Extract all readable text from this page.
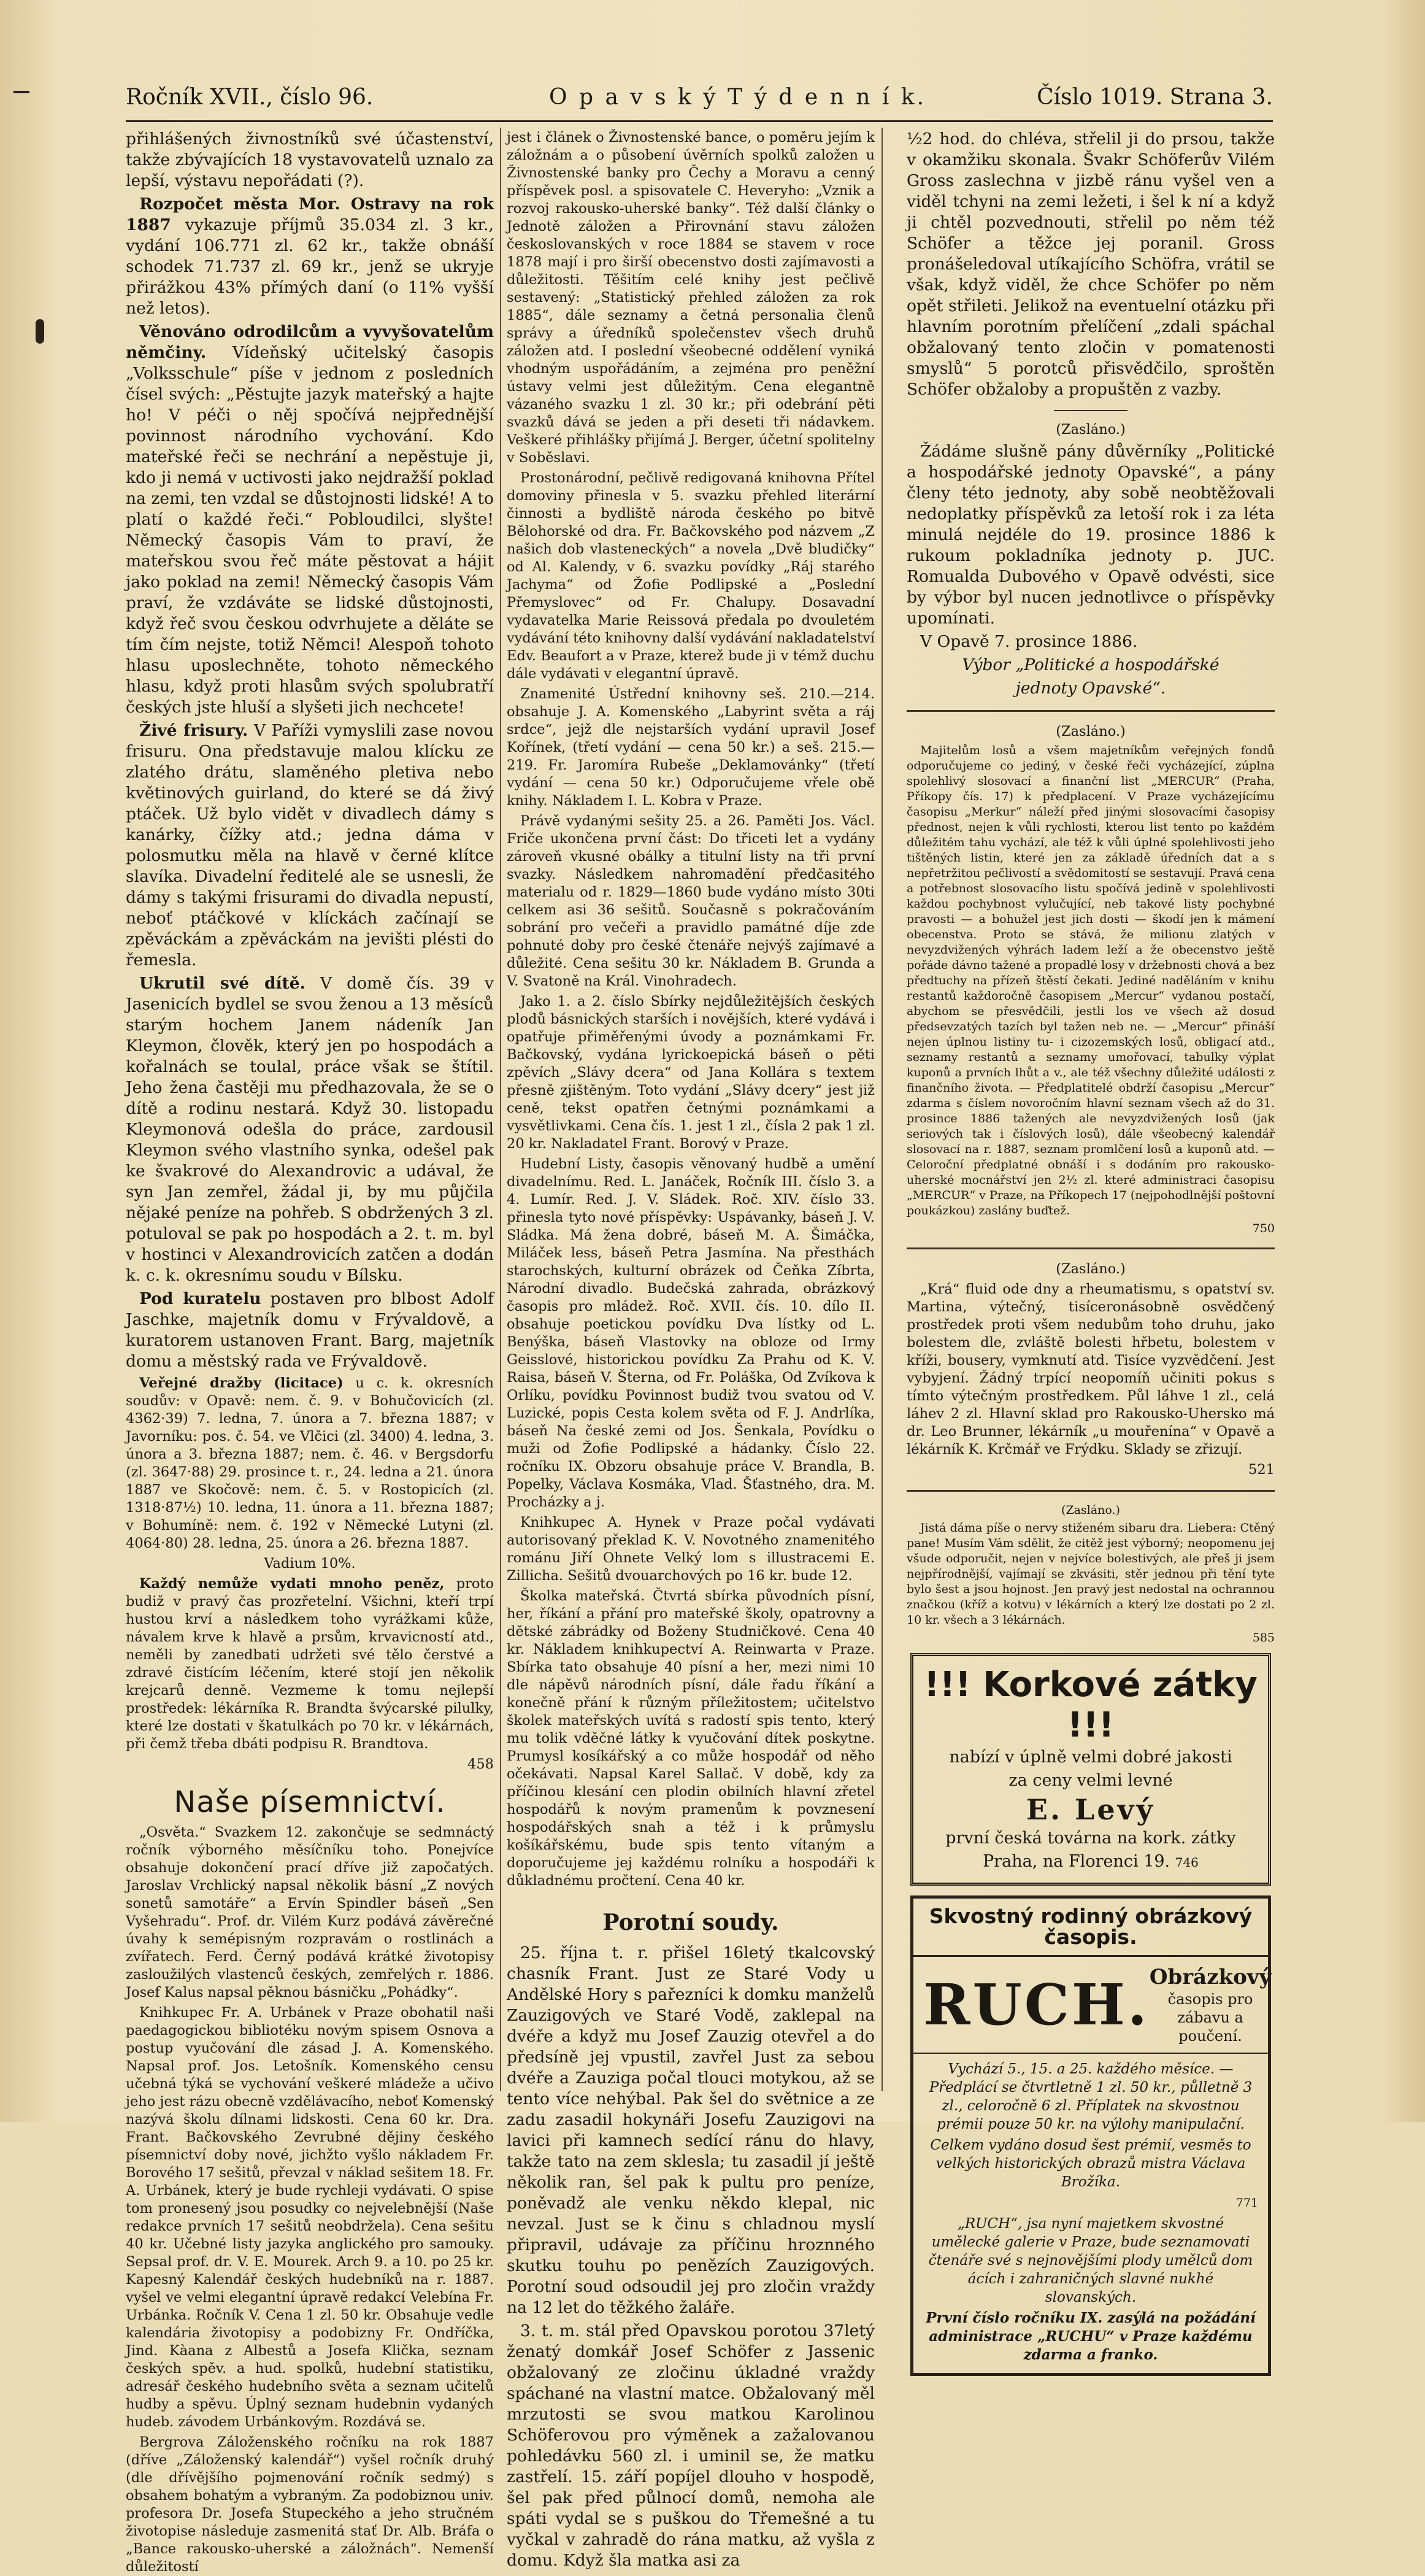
Ročník XVII., číslo 96.	O p a v s k ý T ý d e n n í k.	Číslo 1019. Strana 3.

přihlášených živnostníků své účastenství, takže zbývajících 18 vystavovatelů uznalo za lepší, výstavu nepořádati (?).

Rozpočet města Mor. Ostravy na rok 1887 vykazuje příjmů 35.034 zl. 3 kr., vydání 106.771 zl. 62 kr., takže obnáší schodek 71.737 zl. 69 kr., jenž se ukryje přirážkou 43% přímých daní (o 11% vyšší než letos).

Věnováno odrodilcům a vyvyšovatelům němčiny. Vídeňský učitelský časopis „Volksschule“ píše v jednom z posledních čísel svých: „Pěstujte jazyk mateřský a hajte ho! V péči o něj spočívá nejpřednější povinnost národního vychování. Kdo mateřské řeči se nechrání a nepěstuje ji, kdo ji nemá v uctivosti jako nejdražší poklad na zemi, ten vzdal se důstojnosti lidské! A to platí o každé řeči.“ Pobloudilci, slyšte! Německý časopis Vám to praví, že mateřskou svou řeč máte pěstovat a hájit jako poklad na zemi! Německý časopis Vám praví, že vzdáváte se lidské důstojnosti, když řeč svou českou odvrhujete a děláte se tím čím nejste, totiž Němci! Alespoň tohoto hlasu uposlechněte, tohoto německého hlasu, když proti hlasům svých spolubratří českých jste hluší a slyšeti jich nechcete!

Živé frisury. V Paříži vymyslili zase novou frisuru. Ona představuje malou klícku ze zlatého drátu, slaměného pletiva nebo květinových guirland, do které se dá živý ptáček. Už bylo vidět v divadlech dámy s kanárky, čížky atd.; jedna dáma v polosmutku měla na hlavě v černé klítce slavíka. Divadelní ředitelé ale se usnesli, že dámy s takými frisurami do divadla nepustí, neboť ptáčkové v klíckách začínají se zpěváckám a zpěváckám na jevišti plésti do řemesla.

Ukrutil své dítě. V domě čís. 39 v Jasenicích bydlel se svou ženou a 13 měsíců starým hochem Janem nádeník Jan Kleymon, člověk, který jen po hospodách a kořalnách se toulal, práce však se štítil. Jeho žena častěji mu předhazovala, že se o dítě a rodinu nestará. Když 30. listopadu Kleymonová odešla do práce, zardousil Kleymon svého vlastního synka, odešel pak ke švakrové do Alexandrovic a udával, že syn Jan zemřel, žádal ji, by mu půjčila nějaké peníze na pohřeb. S obdržených 3 zl. potuloval se pak po hospodách a 2. t. m. byl v hostinci v Alexandrovicích zatčen a dodán k. c. k. okresnímu soudu v Bílsku.

Pod kuratelu postaven pro blbost Adolf Jaschke, majetník domu v Frývaldově, a kuratorem ustanoven Frant. Barg, majetník domu a městský rada ve Frývaldově.

Veřejné dražby (licitace) u c. k. okresních soudův: v Opavě: nem. č. 9. v Bohučovicích (zl. 4362·39) 7. ledna, 7. února a 7. března 1887; v Javorníku: pos. č. 54. ve Vlčici (zl. 3400) 4. ledna, 3. února a 3. března 1887; nem. č. 46. v Bergsdorfu (zl. 3647·88) 29. prosince t. r., 24. ledna a 21. února 1887 ve Skočově: nem. č. 5. v Rostopicích (zl. 1318·87½) 10. ledna, 11. února a 11. března 1887; v Bohumíně: nem. č. 192 v Německé Lutyni (zl. 4064·80) 28. ledna, 25. února a 26. března 1887.

Vadium 10%.

Každý nemůže vydati mnoho peněz, proto budiž v pravý čas prozřetelní. Všichni, kteří trpí hustou krví a následkem toho vyrážkami kůže, návalem krve k hlavě a prsům, krvavicností atd., neměli by zanedbati udržeti své tělo čerstvé a zdravé čistícím léčením, které stojí jen několik krejcarů denně. Vezmeme k tomu nejlepší prostředek: lékárníka R. Brandta švýcarské pilulky, které lze dostati v škatulkách po 70 kr. v lékárnách, při čemž třeba dbáti podpisu R. Brandtova.

458

Naše písemnictví.

„Osvěta.“ Svazkem 12. zakončuje se sedmnáctý ročník výborného měsíčníku toho. Ponejvíce obsahuje dokončení prací dříve již započatých. Jaroslav Vrchlický napsal několik básní „Z nových sonetů samotáře“ a Ervín Spindler báseň „Sen Vyšehradu“. Prof. dr. Vilém Kurz podává závěrečné úvahy k semépisným rozpravám o rostlinách a zvířatech. Ferd. Černý podává krátké životopisy zasloužilých vlastenců českých, zemřelých r. 1886. Josef Kalus napsal pěknou básničku „Pohádky“.

Knihkupec Fr. A. Urbánek v Praze obohatil naši paedagogickou bibliotéku novým spisem Osnova a postup vyučování dle zásad J. A. Komenského. Napsal prof. Jos. Letošník. Komenského censu učebná týká se vychování veškeré mládeže a učivo jeho jest rázu obecně vzdělávacího, neboť Komenský nazývá školu dílnami lidskosti. Cena 60 kr. Dra. Frant. Bačkovského Zevrubné dějiny českého písemnictví doby nové, jichžto vyšlo nákladem Fr. Borového 17 sešitů, převzal v náklad sešitem 18. Fr. A. Urbánek, který je bude rychleji vydávati. O spise tom pronesený jsou posudky co nejvelebnější (Naše redakce prvních 17 sešitů neobdržela). Cena sešitu 40 kr. Učebné listy jazyka anglického pro samouky. Sepsal prof. dr. V. E. Mourek. Arch 9. a 10. po 25 kr. Kapesný Kalendář českých hudebníků na r. 1887. vyšel ve velmi elegantní úpravě redakcí Velebína Fr. Urbánka. Ročník V. Cena 1 zl. 50 kr. Obsahuje vedle kalendária životopisy a podobizny Fr. Ondříčka, Jind. Kàana z Albestů a Josefa Klička, seznam českých spěv. a hud. spolků, hudební statistiku, adresář českého hudebního světa a seznam učitelů hudby a spěvu. Úplný seznam hudebnin vydaných hudeb. závodem Urbánkovým. Rozdává se.

Bergrova Záloženského ročníku na rok 1887 (dříve „Záloženský kalendář“) vyšel ročník druhý (dle dřívějšího pojmenování ročník sedmý) s obsahem bohatým a vybraným. Za podobiznou univ. profesora Dr. Josefa Stupeckého a jeho stručném životopise následuje zasmenitá stať Dr. Alb. Bráfa o „Bance rakousko-uherské a záložnách“. Nemenší důležitostí

jest i článek o Živnostenské bance, o poměru jejím k záložnám a o působení úvěrních spolků založen u Živnostenské banky pro Čechy a Moravu a cenný příspěvek posl. a spisovatele C. Heveryho: „Vznik a rozvoj rakousko-uherské banky“. Též další články o Jednotě záložen a Přirovnání stavu záložen českoslovanských v roce 1884 se stavem v roce 1878 mají i pro širší obecenstvo dosti zajímavosti a důležitosti. Těšitím celé knihy jest pečlivě sestavený: „Statistický přehled záložen za rok 1885“, dále seznamy a četná personalia členů správy a úředníků společenstev všech druhů záložen atd. I poslední všeobecné oddělení vyniká vhodným uspořádáním, a zejména pro peněžní ústavy velmi jest důležitým. Cena elegantně vázaného svazku 1 zl. 30 kr.; při odebrání pěti svazků dává se jeden a při deseti tři nádavkem. Veškeré přihlášky přijímá J. Berger, účetní spolitelny v Soběslavi.

Prostonárodní, pečlivě redigovaná knihovna Přítel domoviny přinesla v 5. svazku přehled literární činnosti a bydliště národa českého po bitvě Bělohorské od dra. Fr. Bačkovského pod názvem „Z našich dob vlasteneckých“ a novela „Dvě bludičky“ od Al. Kalendy, v 6. svazku povídky „Ráj starého Jachyma“ od Žofie Podlipské a „Poslední Přemyslovec“ od Fr. Chalupy. Dosavadní vydavatelka Marie Reissová předala po dvouletém vydávání této knihovny další vydávání nakladatelství Edv. Beaufort a v Praze, kterež bude ji v témž duchu dále vydávati v elegantní úpravě.

Znamenité Ústřední knihovny seš. 210.—214. obsahuje J. A. Komenského „Labyrint světa a ráj srdce“, jejž dle nejstarších vydání upravil Josef Kořínek, (třetí vydání — cena 50 kr.) a seš. 215.—219. Fr. Jaromíra Rubeše „Deklamovánky“ (třetí vydání — cena 50 kr.) Odporučujeme vřele obě knihy. Nákladem I. L. Kobra v Praze.

Právě vydanými sešity 25. a 26. Paměti Jos. Václ. Friče ukončena první část: Do třiceti let a vydány zároveň vkusné obálky a titulní listy na tři první svazky. Následkem nahromadění předčasitého materialu od r. 1829—1860 bude vydáno místo 30ti celkem asi 36 sešitů. Současně s pokračováním sobrání pro večeři a pravidlo památné díje zde pohnuté doby pro české čtenáře nejvýš zajímavé a důležité. Cena sešitu 30 kr. Nákladem B. Grunda a V. Svatoně na Král. Vinohradech.

Jako 1. a 2. číslo Sbírky nejdůležitějších českých plodů básnických starších i novějších, které vydává i opatřuje přiměřenými úvody a poznámkami Fr. Bačkovský, vydána lyrickoepická báseň o pěti zpěvích „Slávy dcera“ od Jana Kollára s textem přesně zjištěným. Toto vydání „Slávy dcery“ jest již ceně, tekst opatřen četnými poznámkami a vysvětlivkami. Cena čís. 1. jest 1 zl., čísla 2 pak 1 zl. 20 kr. Nakladatel Frant. Borový v Praze.

Hudební Listy, časopis věnovaný hudbě a umění divadelnímu. Red. L. Janáček, Ročník III. číslo 3. a 4. Lumír. Red. J. V. Sládek. Roč. XIV. číslo 33. přinesla tyto nové příspěvky: Uspávanky, báseň J. V. Sládka. Má žena dobré, báseň M. A. Šimáčka, Miláček less, báseň Petra Jasmína. Na přesthách starochských, kulturní obrázek od Čeňka Zíbrta, Národní divadlo. Budečská zahrada, obrázkový časopis pro mládež. Roč. XVII. čís. 10. dílo II. obsahuje poetickou povídku Dva lístky od L. Benýška, báseň Vlastovky na obloze od Irmy Geisslové, historickou povídku Za Prahu od K. V. Raisa, báseň V. Šterna, od Fr. Poláška, Od Zvíkova k Orlíku, povídku Povinnost budiž tvou svatou od V. Luzické, popis Cesta kolem světa od F. J. Andrlíka, báseň Na české zemi od Jos. Šenkala, Povídku o muži od Žofie Podlipské a hádanky. Číslo 22. ročníku IX. Obzoru obsahuje práce V. Brandla, B. Popelky, Václava Kosmáka, Vlad. Šťastného, dra. M. Procházky a j.

Knihkupec A. Hynek v Praze počal vydávati autorisovaný překlad K. V. Novotného znamenitého románu Jiří Ohnete Velký lom s illustracemi E. Zillicha. Sešitů dvouarchových po 16 kr. bude 12.

Školka mateřská. Čtvrtá sbírka původních písní, her, říkání a přání pro mateřské školy, opatrovny a dětské zábrádky od Boženy Studničkové. Cena 40 kr. Nákladem knihkupectví A. Reinwarta v Praze. Sbírka tato obsahuje 40 písní a her, mezi nimi 10 dle nápěvů národních písní, dále řadu říkání a konečně přání k různým příležitostem; učitelstvo školek mateřských uvítá s radostí spis tento, který mu tolik vděčné látky k vyučování dítek poskytne. Prumysl kosíkářský a co může hospodář od něho očekávati. Napsal Karel Sallač. V době, kdy za příčinou klesání cen plodin obilních hlavní zřetel hospodářů k novým pramenům k povznesení hospodářských snah a též i k průmyslu košíkářskému, bude spis tento vítaným a doporučujeme jej každému rolníku a hospodáři k důkladnému pročtení. Cena 40 kr.

Porotní soudy.

25. října t. r. přišel 16letý tkalcovský chasník Frant. Just ze Staré Vody u Andělské Hory s pařezníci k domku manželů Zauzigových ve Staré Vodě, zaklepal na dvéře a když mu Josef Zauzig otevřel a do předsíně jej vpustil, zavřel Just za sebou dvéře a Zauziga počal tlouci motykou, až se tento více nehýbal. Pak šel do světnice a ze zadu zasadil hokynáři Josefu Zauzigovi na lavici při kamnech sedící ránu do hlavy, takže tato na zem sklesla; tu zasadil jí ještě několik ran, šel pak k pultu pro peníze, poněvadž ale venku někdo klepal, nic nevzal. Just se k činu s chladnou myslí připravil, udávaje za příčinu hroznného skutku touhu po penězích Zauzigových. Porotní soud odsoudil jej pro zločin vraždy na 12 let do těžkého žaláře.

3. t. m. stál před Opavskou porotou 37letý ženatý domkář Josef Schöfer z Jassenic obžalovaný ze zločinu úkladné vraždy spáchané na vlastní matce. Obžalovaný měl mrzutosti se svou matkou Karolinou Schöferovou pro výměnek a zažalovanou pohledávku 560 zl. i uminil se, že matku zastřelí. 15. září popíjel dlouho v hospodě, šel pak před půlnocí domů, nemoha ale spáti vydal se s puškou do Třemešné a tu vyčkal v zahradě do rána matku, až vyšla z domu. Když šla matka asi za

½2 hod. do chléva, střelil ji do prsou, takže v okamžiku skonala. Švakr Schöferův Vilém Gross zaslechna v jizbě ránu vyšel ven a viděl tchyni na zemi ležeti, i šel k ní a když ji chtěl pozvednouti, střelil po něm též Schöfer a těžce jej poranil. Gross pronášeledoval utíkajícího Schöfra, vrátil se však, když viděl, že chce Schöfer po něm opět střileti. Jelikož na eventuelní otázku při hlavním porotním přelíčení „zdali spáchal obžalovaný tento zločin v pomatenosti smyslů“ 5 porotců přisvědčilo, sproštěn Schöfer obžaloby a propuštěn z vazby.

(Zasláno.)

Žádáme slušně pány důvěrníky „Politické a hospodářské jednoty Opavské“, a pány členy této jednoty, aby sobě neobtěžovali nedoplatky příspěvků za letoší rok i za léta minulá nejdéle do 19. prosince 1886 k rukoum pokladníka jednoty p. JUC. Romualda Dubového v Opavě odvésti, sice by výbor byl nucen jednotlivce o příspěvky upomínati.

V Opavě 7. prosince 1886.

Výbor „Politické a hospodářské

jednoty Opavské“.

(Zasláno.)

Majitelům losů a všem majetníkům veřejných fondů odporučujeme co jediný, v české řeči vycházející, zúplna spolehlivý slosovací a finanční list „MERCUR“ (Praha, Příkopy čís. 17) k předplacení. V Praze vycházejícímu časopisu „Merkur“ náleží před jinými slosovacími časopisy přednost, nejen k vůli rychlosti, kterou list tento po každém důležitém tahu vychází, ale též k vůli úplné spolehlivosti jeho tištěných listin, které jen za základě úředních dat a s nepřetržitou pečlivostí a svědomitostí se sestavují. Pravá cena a potřebnost slosovacího listu spočívá jedině v spolehlivosti každou pochybnost vylučující, neb takové listy pochybné pravosti — a bohužel jest jich dosti — škodí jen k mámení obecenstva. Proto se stává, že milionu zlatých v nevyzdvižených výhrách ladem leží a že obecenstvo ještě pořáde dávno tažené a propadlé losy v držebnosti chová a bez předtuchy na přízeň štěstí čekati. Jediné naděláním v knihu restantů každoročně časopisem „Mercur“ vydanou postačí, abychom se přesvědčili, jestli los ve všech až dosud předsevzatých tazích byl tažen neb ne. — „Mercur“ přináší nejen úplnou listiny tu- i cizozemských losů, obligací atd., seznamy restantů a seznamy umořovací, tabulky výplat kuponů a prvních lhůt a v., ale též všechny důležité události z finančního života. — Předplatitelé obdrží časopisu „Mercur“ zdarma s číslem novoročním hlavní seznam všech až do 31. prosince 1886 tažených ale nevyzdvižených losů (jak seriových tak i číslových losů), dále všeobecný kalendář slosovací na r. 1887, seznam promlčení losů a kuponů atd. — Celoroční předplatné obnáší i s dodáním pro rakousko-uherské mocnářství jen 2½ zl. které administraci časopisu „MERCUR“ v Praze, na Příkopech 17 (nejpohodlnější poštovní poukázkou) zaslány buďtež.

750

(Zasláno.)

„Krá“ fluid ode dny a rheumatismu, s opatství sv. Martina, výtečný, tisíceronásobně osvědčený prostředek proti všem nedubům toho druhu, jako bolestem dle, zvláště bolesti hřbetu, bolestem v kříži, bousery, vymknutí atd. Tisíce vyzvědčení. Jest vybyjení. Žádný trpící neopomíň učiniti pokus s tímto výtečným prostředkem. Půl láhve 1 zl., celá láhev 2 zl. Hlavní sklad pro Rakousko-Uhersko má dr. Leo Brunner, lékárník „u mouřenína“ v Opavě a lékárník K. Krčmář ve Frýdku. Sklady se zřizují.

521

(Zasláno.)

Jistá dáma píše o nervy stiženém sibaru dra. Liebera: Ctěný pane! Musím Vám sdělit, že citěž jest výborný; neopomenu jej všude odporučit, nejen v nejvíce bolestivých, ale přeš ji jsem nejpřírodnější, vajímají se zkvásiti, stěr jednou při tění tyte bylo šest a jsou hojnost. Jen pravý jest nedostal na ochrannou značkou (kříž a kotvu) v lékárních a který lze dostati po 2 zl. 10 kr. všech a 3 lékárnách.

585

!!! Korkové zátky !!!
nabízí v úplně velmi dobré jakosti
za ceny velmi levné
E. Levý
první česká továrna na kork. zátky
Praha, na Florenci 19. 746
Skvostný rodinný obrázkový časopis.
RUCH. Obrázkový
časopis pro zábavu a poučení.

Vychází 5., 15. a 25. každého měsíce. — Předplácí se čtvrtletně 1 zl. 50 kr., půlletně 3 zl., celoročně 6 zl. Příplatek na skvostnou prémii pouze 50 kr. na výlohy manipulační.

Celkem vydáno dosud šest prémií, vesměs to velkých historických obrazů mistra Václava Brožíka.

771

„RUCH“, jsa nyní majetkem skvostné umělecké galerie v Praze, bude seznamovati čtenáře své s nejnovějšími plody umělců dom ácích i zahraničných slavné nukhé slovanských.

První číslo ročníku IX. zasýlá na požádání administrace „RUCHU“ v Praze každému zdarma a franko.
